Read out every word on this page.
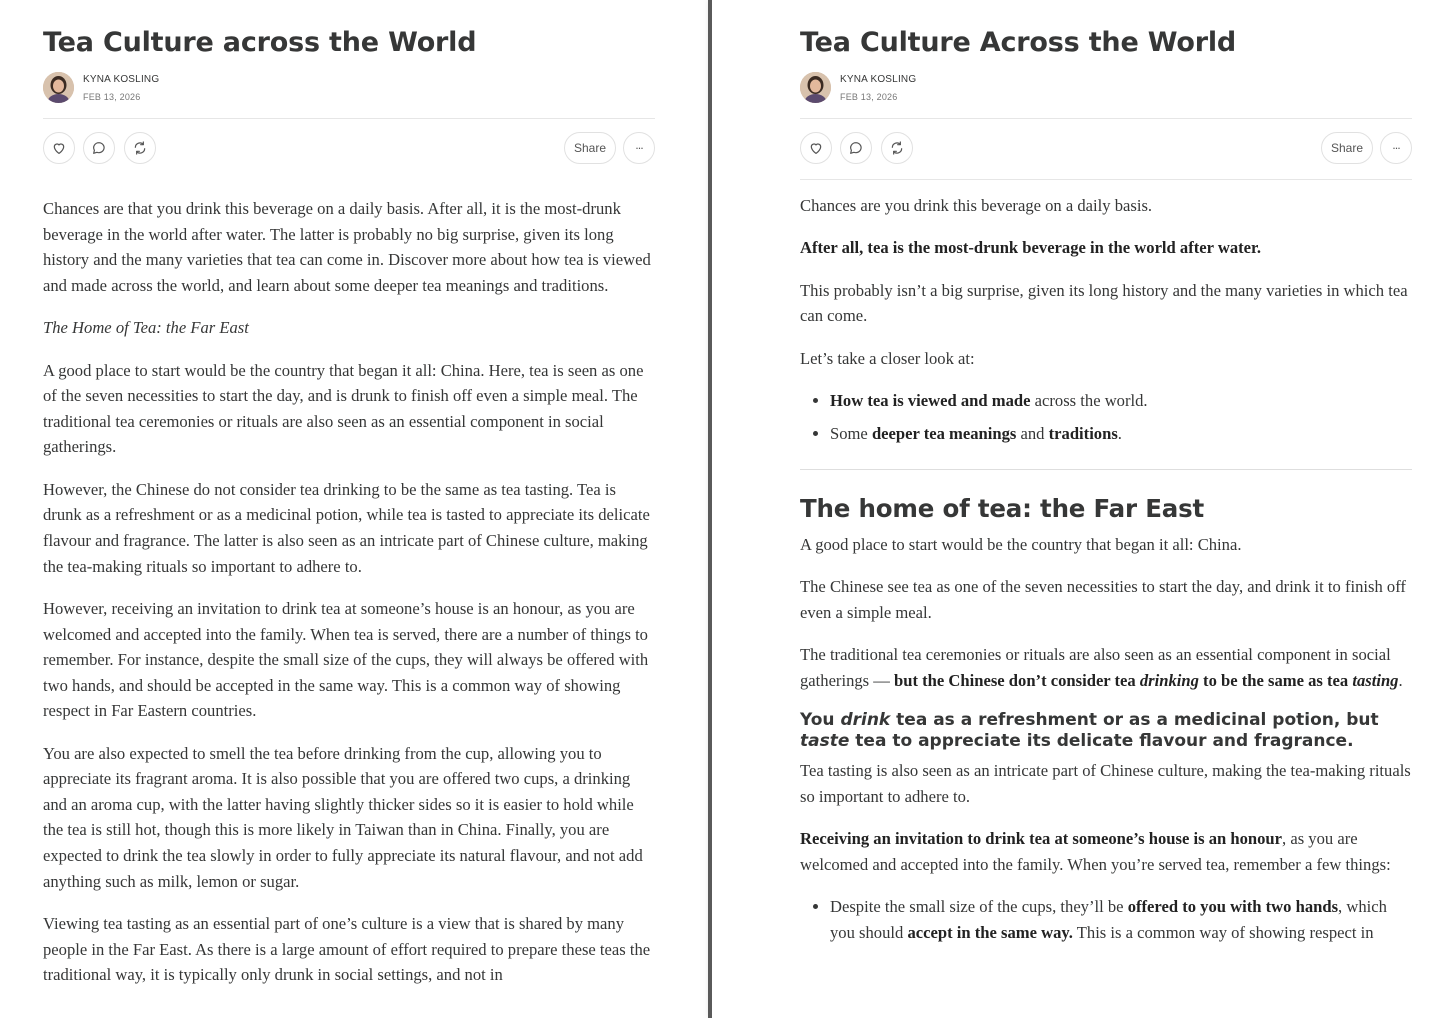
Tea Culture across the World
KYNA KOSLING
FEB 13, 2026
Share	···

Chances are that you drink this beverage on a daily basis. After all, it is the most-drunk beverage in the world after water. The latter is probably no big surprise, given its long history and the many varieties that tea can come in. Discover more about how tea is viewed and made across the world, and learn about some deeper tea meanings and traditions.

The Home of Tea: the Far East

A good place to start would be the country that began it all: China. Here, tea is seen as one of the seven necessities to start the day, and is drunk to finish off even a simple meal. The traditional tea ceremonies or rituals are also seen as an essential component in social gatherings.

However, the Chinese do not consider tea drinking to be the same as tea tasting. Tea is drunk as a refreshment or as a medicinal potion, while tea is tasted to appreciate its delicate flavour and fragrance. The latter is also seen as an intricate part of Chinese culture, making the tea-making rituals so important to adhere to.

However, receiving an invitation to drink tea at someone’s house is an honour, as you are welcomed and accepted into the family. When tea is served, there are a number of things to remember. For instance, despite the small size of the cups, they will always be offered with two hands, and should be accepted in the same way. This is a common way of showing respect in Far Eastern countries.

You are also expected to smell the tea before drinking from the cup, allowing you to appreciate its fragrant aroma. It is also possible that you are offered two cups, a drinking and an aroma cup, with the latter having slightly thicker sides so it is easier to hold while the tea is still hot, though this is more likely in Taiwan than in China. Finally, you are expected to drink the tea slowly in order to fully appreciate its natural flavour, and not add anything such as milk, lemon or sugar.

Viewing tea tasting as an essential part of one’s culture is a view that is shared by many people in the Far East. As there is a large amount of effort required to prepare these teas the traditional way, it is typically only drunk in social settings, and not in

Tea Culture Across the World
KYNA KOSLING
FEB 13, 2026
Share	···

Chances are you drink this beverage on a daily basis.

After all, tea is the most-drunk beverage in the world after water.

This probably isn’t a big surprise, given its long history and the many varieties in which tea can come.

Let’s take a closer look at:

• How tea is viewed and made across the world.
• Some deeper tea meanings and traditions.
The home of tea: the Far East

A good place to start would be the country that began it all: China.

The Chinese see tea as one of the seven necessities to start the day, and drink it to finish off even a simple meal.

The traditional tea ceremonies or rituals are also seen as an essential component in social gatherings — but the Chinese don’t consider tea drinking to be the same as tea tasting.

You drink tea as a refreshment or as a medicinal potion, but taste tea to appreciate its delicate flavour and fragrance.

Tea tasting is also seen as an intricate part of Chinese culture, making the tea-making rituals so important to adhere to.

Receiving an invitation to drink tea at someone’s house is an honour, as you are welcomed and accepted into the family. When you’re served tea, remember a few things:

• Despite the small size of the cups, they’ll be offered to you with two hands, which you should accept in the same way. This is a common way of showing respect in
